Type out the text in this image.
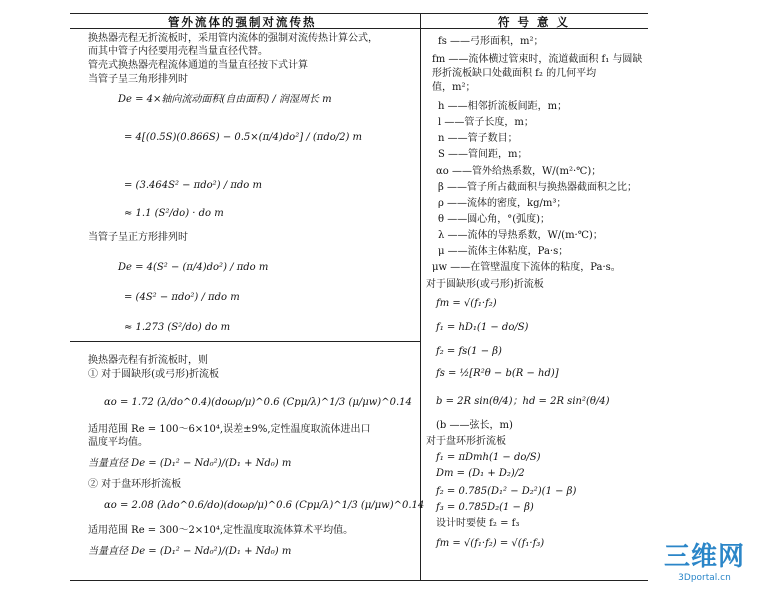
管外流体的强制对流传热	符 号 意 义
换热器壳程无折流板时，采用管内流体的强制对流传热计算公式，
而其中管子内径要用壳程当量直径代替。
管壳式换热器壳程流体通道的当量直径按下式计算
当管子呈三角形排列时
De = 4×轴向流动面积(自由面积) / 润湿周长 m
= 4[(0.5S)(0.866S) − 0.5×(π/4)do²] / (πdo/2) m
= (3.464S² − πdo²) / πdo m
≈ 1.1 (S²/do) · do m
当管子呈正方形排列时
De = 4(S² − (π/4)do²) / πdo m
= (4S² − πdo²) / πdo m
≈ 1.273 (S²/do) do m
换热器壳程有折流板时，则
① 对于圆缺形(或弓形)折流板
αo = 1.72 (λ/do^0.4)(doωρ/μ)^0.6 (Cpμ/λ)^1/3 (μ/μw)^0.14
适用范围 Re = 100～6×10⁴,误差±9%,定性温度取流体进出口
温度平均值。
当量直径 De = (D₁² − Nd₀²)/(D₁ + Nd₀) m
② 对于盘环形折流板
αo = 2.08 (λdo^0.6/do)(doωρ/μ)^0.6 (Cpμ/λ)^1/3 (μ/μw)^0.14
适用范围 Re = 300～2×10⁴,定性温度取流体算术平均值。
当量直径 De = (D₁² − Nd₀²)/(D₁ + Nd₀) m
fs ——弓形面积，m²；
fm ——流体横过管束时，流道截面积 f₁ 与圆缺
形折流板缺口处截面积 f₂ 的几何平均
值，m²；
h ——相邻折流板间距，m；
l ——管子长度，m；
n ——管子数目；
S ——管间距，m；
αo ——管外给热系数，W/(m²·℃)；
β ——管子所占截面积与换热器截面积之比；
ρ ——流体的密度，kg/m³；
θ ——圆心角，°(弧度)；
λ ——流体的导热系数，W/(m·℃)；
μ ——流体主体粘度，Pa·s；
μw ——在管壁温度下流体的粘度，Pa·s。
对于圆缺形(或弓形)折流板
fm = √(f₁·f₂)
f₁ = hD₁(1 − do/S)
f₂ = fs(1 − β)
fs = ½[R²θ − b(R − hd)]
b = 2R sin(θ/4)；hd = 2R sin²(θ/4)
(b ——弦长，m)
对于盘环形折流板
f₁ = πDmh(1 − do/S)
Dm = (D₁ + D₂)/2
f₂ = 0.785(D₁² − D₂²)(1 − β)
f₃ = 0.785D₂(1 − β)
设计时要使 f₂ = f₃
fm = √(f₁·f₂) = √(f₁·f₃)	三维网
3Dportal.cn
